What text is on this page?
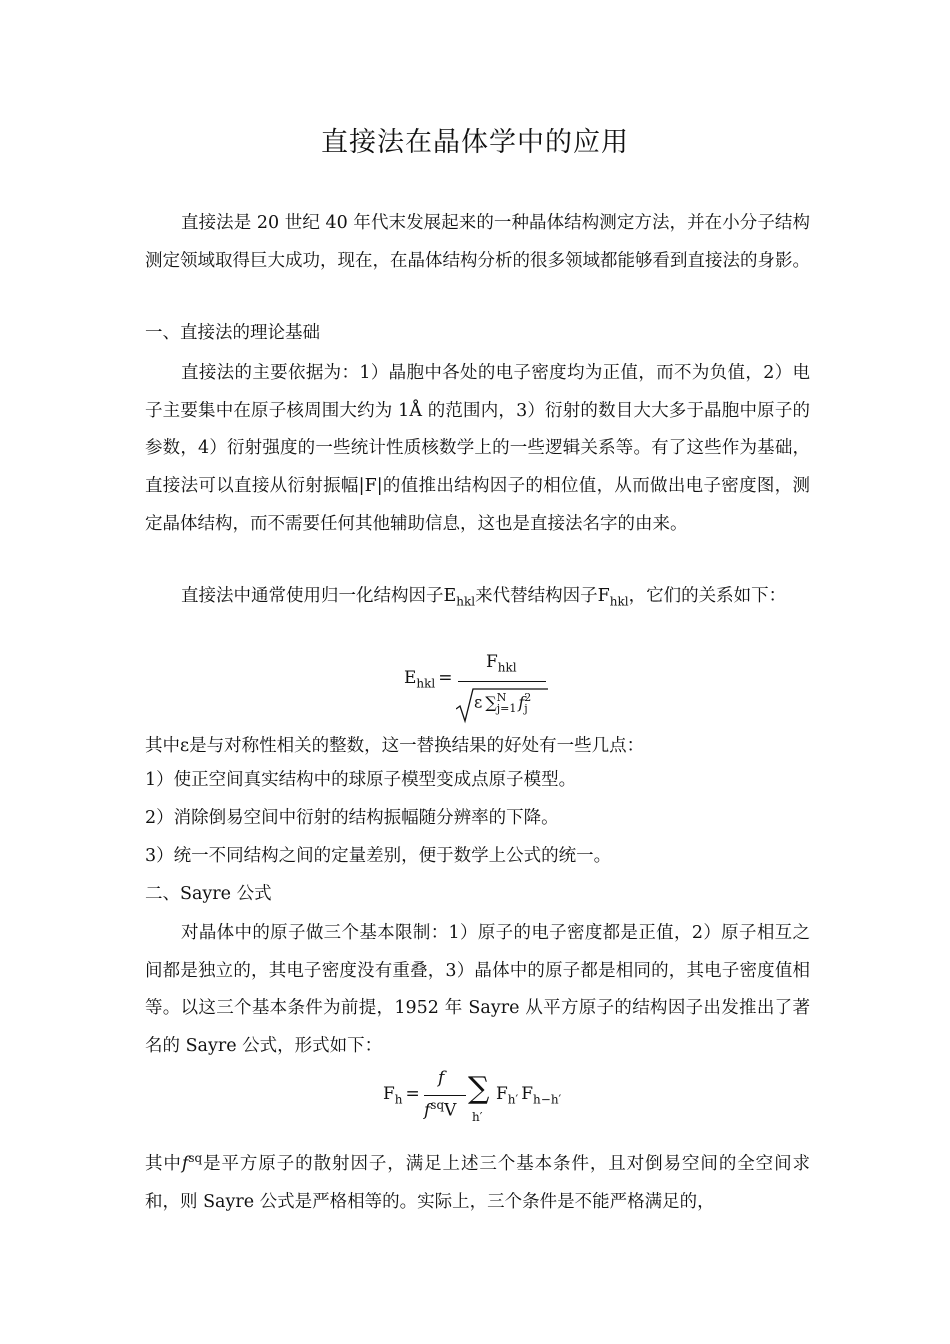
直接法在晶体学中的应用

直接法是 20 世纪 40 年代末发展起来的一种晶体结构测定方法，并在小分子结构测定领域取得巨大成功，现在，在晶体结构分析的很多领域都能够看到直接法的身影。

一、直接法的理论基础

直接法的主要依据为：1）晶胞中各处的电子密度均为正值，而不为负值，2）电子主要集中在原子核周围大约为 1Å 的范围内，3）衍射的数目大大多于晶胞中原子的参数，4）衍射强度的一些统计性质核数学上的一些逻辑关系等。有了这些作为基础，直接法可以直接从衍射振幅|F|的值推出结构因子的相位值，从而做出电子密度图，测定晶体结构，而不需要任何其他辅助信息，这也是直接法名字的由来。

直接法中通常使用归一化结构因子$E_{hkl}$来代替结构因子$F_{hkl}$，它们的关系如下：

$E_{hkl}$ =
$F_{hkl}$
ε ∑ N
j=1 f 2
j
其中ε是与对称性相关的整数，这一替换结果的好处有一些几点：
1）使正空间真实结构中的球原子模型变成点原子模型。
2）消除倒易空间中衍射的结构振幅随分辨率的下降。
3）统一不同结构之间的定量差别，便于数学上公式的统一。
二、Sayre 公式

对晶体中的原子做三个基本限制：1）原子的电子密度都是正值，2）原子相互之间都是独立的，其电子密度没有重叠，3）晶体中的原子都是相同的，其电子密度值相等。以这三个基本条件为前提，1952 年 Sayre 从平方原子的结构因子出发推出了著名的 Sayre 公式，形式如下：

$F_h$ =
f
$f^{sq}V$
∑
h′
$F_{h'}$ $F_{h-h'}$

其中$f^{sq}$是平方原子的散射因子，满足上述三个基本条件，且对倒易空间的全空间求和，则 Sayre 公式是严格相等的。实际上，三个条件是不能严格满足的，
